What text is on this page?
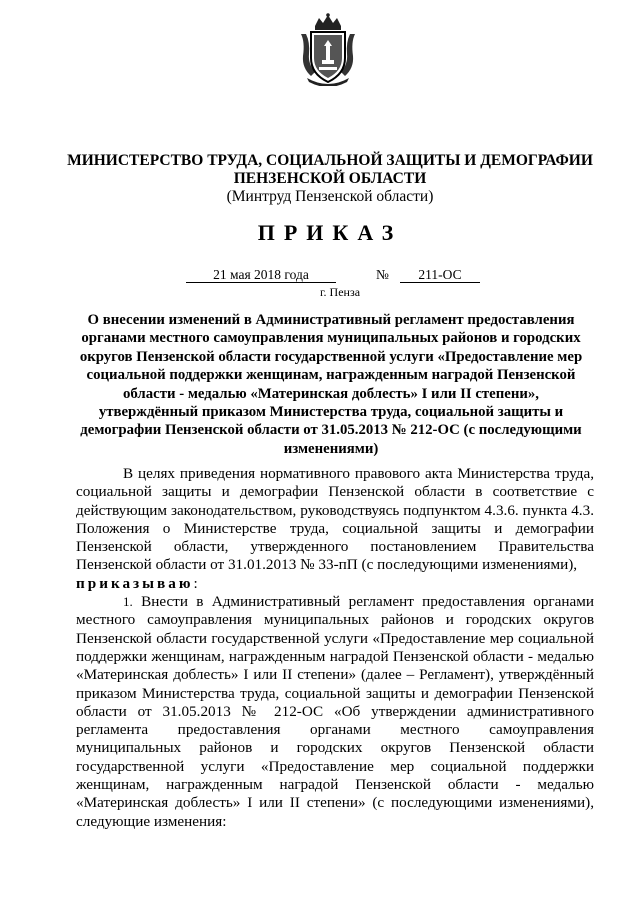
МИНИСТЕРСТВО ТРУДА, СОЦИАЛЬНОЙ ЗАЩИТЫ И ДЕМОГРАФИИ
ПЕНЗЕНСКОЙ ОБЛАСТИ
(Минтруд Пензенской области)
ПРИКАЗ
21 мая 2018 года	№	211-ОС
г. Пенза
О внесении изменений в Административный регламент предоставления органами местного самоуправления муниципальных районов и городских округов Пензенской области государственной услуги «Предоставление мер социальной поддержки женщинам, награжденным наградой Пензенской области - медалью «Материнская доблесть» I или II степени», утверждённый приказом Министерства труда, социальной защиты и демографии Пензенской области от 31.05.2013 № 212-ОС (с последующими изменениями)

В целях приведения нормативного правового акта Министерства труда, социальной защиты и демографии Пензенской области в соответствие с действующим законодательством, руководствуясь подпунктом 4.3.6. пункта 4.3. Положения о Министерстве труда, социальной защиты и демографии Пензенской области, утвержденного постановлением Правительства Пензенской области от 31.01.2013 № 33-пП (с последующими изменениями),
приказываю:

1. Внести в Административный регламент предоставления органами местного самоуправления муниципальных районов и городских округов Пензенской области государственной услуги «Предоставление мер социальной поддержки женщинам, награжденным наградой Пензенской области - медалью «Материнская доблесть» I или II степени» (далее – Регламент), утверждённый приказом Министерства труда, социальной защиты и демографии Пензенской области от 31.05.2013 № 212-ОС «Об утверждении административного регламента предоставления органами местного самоуправления муниципальных районов и городских округов Пензенской области государственной услуги «Предоставление мер социальной поддержки женщинам, награжденным наградой Пензенской области - медалью «Материнская доблесть» I или II степени» (с последующими изменениями), следующие изменения:
